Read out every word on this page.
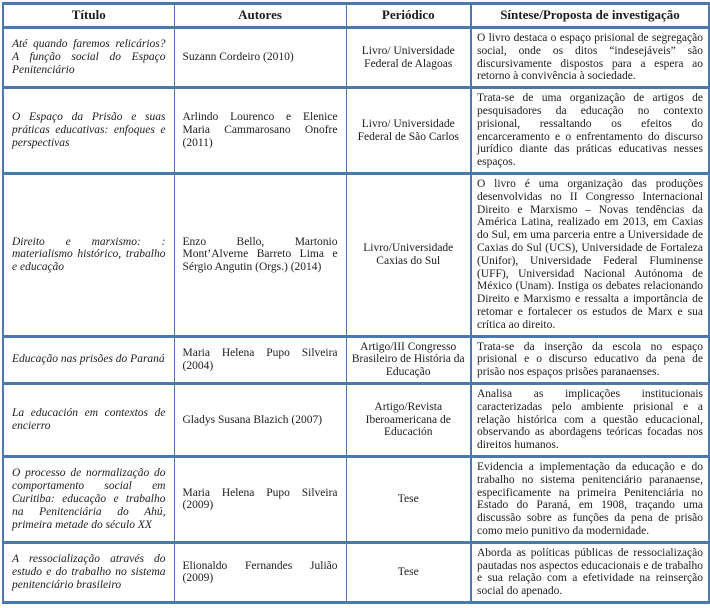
Título	Autores	Periódico	Síntese/Proposta de investigação
Até quando faremos relicários? A função social do Espaço Penitenciário	Suzann Cordeiro (2010)	Livro/ Universidade Federal de Alagoas	O livro destaca o espaço prisional de segregação social, onde os ditos “indesejáveis” são discursivamente dispostos para a espera ao retorno à convivência à sociedade.
O Espaço da Prisão e suas práticas educativas: enfoques e perspectivas	Arlindo Lourenco e Elenice Maria Cammarosano Onofre (2011)	Livro/ Universidade Federal de São Carlos	Trata-se de uma organização de artigos de pesquisadores da educação no contexto prisional, ressaltando os efeitos do encarceramento e o enfrentamento do discurso jurídico diante das práticas educativas nesses espaços.
Direito e marxismo: : materialismo histórico, trabalho e educação	Enzo Bello, Martonio Mont’Alverne Barreto Lima e Sérgio Angutin (Orgs.) (2014)	Livro/Universidade Caxias do Sul	O livro é uma organização das produções desenvolvidas no II Congresso Internacional Direito e Marxismo – Novas tendências da América Latina, realizado em 2013, em Caxias do Sul, em uma parceria entre a Universidade de Caxias do Sul (UCS), Universidade de Fortaleza (Unifor), Universidade Federal Fluminense (UFF), Universidad Nacional Autónoma de México (Unam). Instiga os debates relacionando Direito e Marxismo e ressalta a importância de retomar e fortalecer os estudos de Marx e sua crítica ao direito.
Educação nas prisões do Paraná	Maria Helena Pupo Silveira (2004)	Artigo/III Congresso Brasileiro de História da Educação	Trata-se da inserção da escola no espaço prisional e o discurso educativo da pena de prisão nos espaços prisões paranaenses.
La educación em contextos de encierro	Gladys Susana Blazich (2007)	Artigo/Revista Iberoamericana de Educación	Analisa as implicações institucionais caracterizadas pelo ambiente prisional e a relação histórica com a questão educacional, observando as abordagens teóricas focadas nos direitos humanos.
O processo de normalização do comportamento social em Curitiba: educação e trabalho na Penitenciária do Ahú, primeira metade do século XX	Maria Helena Pupo Silveira (2009)	Tese	Evidencia a implementação da educação e do trabalho no sistema penitenciário paranaense, especificamente na primeira Penitenciária no Estado do Paraná, em 1908, traçando uma discussão sobre as funções da pena de prisão como meio punitivo da modernidade.
A ressocialização através do estudo e do trabalho no sistema penitenciário brasileiro	Elionaldo Fernandes Julião (2009)	Tese	Aborda as políticas públicas de ressocialização pautadas nos aspectos educacionais e de trabalho e sua relação com a efetividade na reinserção social do apenado.
